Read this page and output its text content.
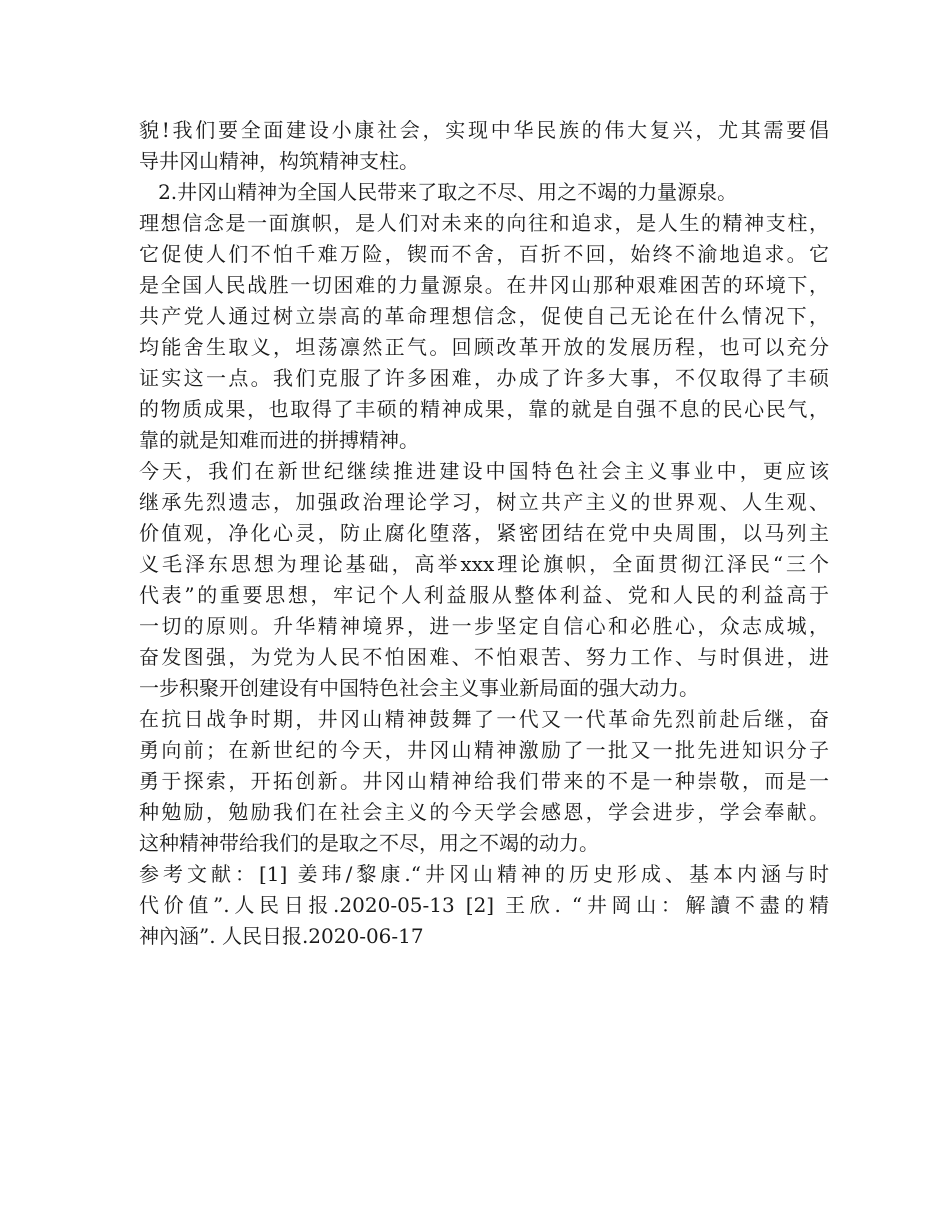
貌!我们要全面建设小康社会，实现中华民族的伟大复兴，尤其需要倡
导井冈山精神，构筑精神支柱。
2.井冈山精神为全国人民带来了取之不尽、用之不竭的力量源泉。
理想信念是一面旗帜，是人们对未来的向往和追求，是人生的精神支柱，
它促使人们不怕千难万险，锲而不舍，百折不回，始终不渝地追求。它
是全国人民战胜一切困难的力量源泉。在井冈山那种艰难困苦的环境下，
共产党人通过树立崇高的革命理想信念，促使自己无论在什么情况下，
均能舍生取义，坦荡凛然正气。回顾改革开放的发展历程，也可以充分
证实这一点。我们克服了许多困难，办成了许多大事，不仅取得了丰硕
的物质成果，也取得了丰硕的精神成果，靠的就是自强不息的民心民气，
靠的就是知难而进的拼搏精神。
今天，我们在新世纪继续推进建设中国特色社会主义事业中，更应该
继承先烈遗志，加强政治理论学习，树立共产主义的世界观、人生观、
价值观，净化心灵，防止腐化堕落，紧密团结在党中央周围，以马列主
义毛泽东思想为理论基础，高举xxx理论旗帜，全面贯彻江泽民“三个
代表”的重要思想，牢记个人利益服从整体利益、党和人民的利益高于
一切的原则。升华精神境界，进一步坚定自信心和必胜心，众志成城，
奋发图强，为党为人民不怕困难、不怕艰苦、努力工作、与时俱进，进
一步积聚开创建设有中国特色社会主义事业新局面的强大动力。
在抗日战争时期，井冈山精神鼓舞了一代又一代革命先烈前赴后继，奋
勇向前；在新世纪的今天，井冈山精神激励了一批又一批先进知识分子
勇于探索，开拓创新。井冈山精神给我们带来的不是一种崇敬，而是一
种勉励，勉励我们在社会主义的今天学会感恩，学会进步，学会奉献。
这种精神带给我们的是取之不尽，用之不竭的动力。
参考文献：[1] 姜玮/黎康.“井冈山精神的历史形成、基本内涵与时
代价值”.人民日报.2020-05-13 [2] 王欣. “井岡山：解讀不盡的精
神內涵”. 人民日报.2020-06-17
